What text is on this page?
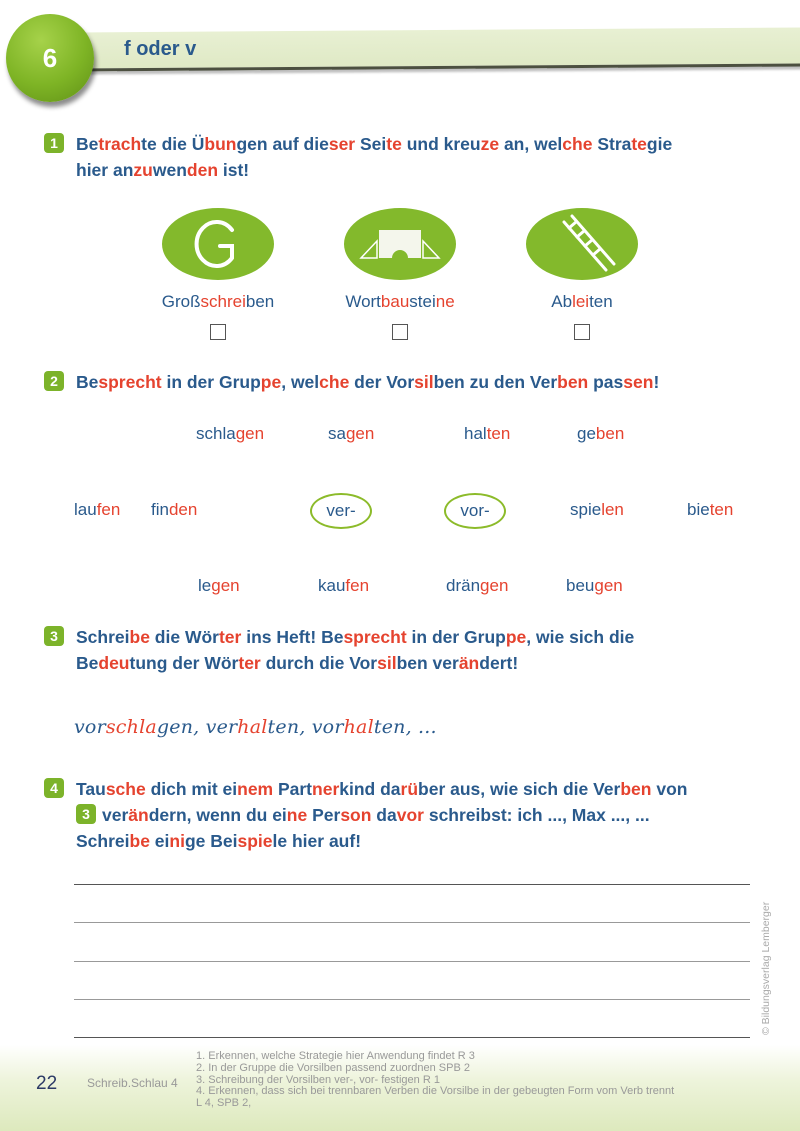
6	f oder v
1 Betrachte die Übungen auf dieser Seite und kreuze an, welche Strategie
hier anzuwenden ist!
Großschreiben	Wortbausteine	Ableiten
2 Besprecht in der Gruppe, welche der Vorsilben zu den Verben passen!
schlagen	sagen	halten	geben
laufen finden	spielen	bieten
legen	kaufen	drängen	beugen
ver-	vor-
3 Schreibe die Wörter ins Heft! Besprecht in der Gruppe, wie sich die
Bedeutung der Wörter durch die Vorsilben verändert!
vorschlagen, verhalten, vorhalten, ...
4 Tausche dich mit einem Partnerkind darüber aus, wie sich die Verben von
3 verändern, wenn du eine Person davor schreibst: ich ..., Max ..., ...
Schreibe einige Beispiele hier auf!
© Bildungsverlag Lemberger
22 Schreib.Schlau 4
1. Erkennen, welche Strategie hier Anwendung findet R 3
2. In der Gruppe die Vorsilben passend zuordnen SPB 2
3. Schreibung der Vorsilben ver-, vor- festigen R 1
4. Erkennen, dass sich bei trennbaren Verben die Vorsilbe in der gebeugten Form vom Verb trennt
L 4, SPB 2,
